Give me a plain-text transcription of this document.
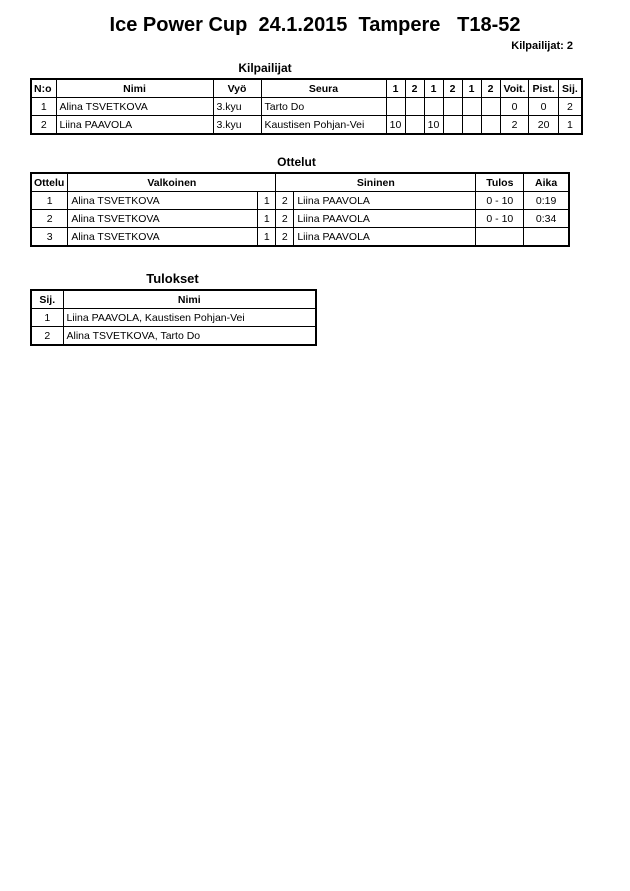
Ice Power Cup  24.1.2015  Tampere   T18-52
Kilpailijat: 2
Kilpailijat
N:o	Nimi	Vyö	Seura	1	2	1	2	1	2	Voit.	Pist.	Sij.
1	Alina TSVETKOVA	3.kyu	Tarto Do							0	0	2
2	Liina PAAVOLA	3.kyu	Kaustisen Pohjan-Vei	10		10				2	20	1
Ottelut
Ottelu	Valkoinen		Sininen		Tulos	Aika
1	Alina TSVETKOVA	1	2	Liina PAAVOLA	0 - 10	0:19
2	Alina TSVETKOVA	1	2	Liina PAAVOLA	0 - 10	0:34
3	Alina TSVETKOVA	1	2	Liina PAAVOLA		
Tulokset
Sij.	Nimi
1	Liina PAAVOLA, Kaustisen Pohjan-Vei
2	Alina TSVETKOVA, Tarto Do
